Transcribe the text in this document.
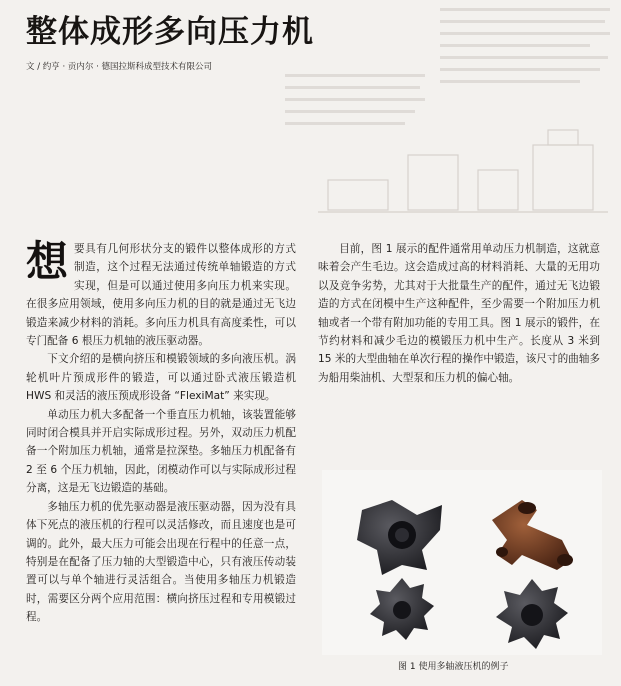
整体成形多向压力机
文 / 约亨 · 贡内尔 · 德国拉斯科成型技术有限公司

想要具有几何形状分支的锻件以整体成形的方式制造，这个过程无法通过传统单轴锻造的方式实现，但是可以通过使用多向压力机来实现。在很多应用领域，使用多向压力机的目的就是通过无飞边锻造来减少材料的消耗。多向压力机具有高度柔性，可以专门配备 6 根压力机轴的液压驱动器。

下文介绍的是横向挤压和模锻领域的多向液压机。涡轮机叶片预成形件的锻造，可以通过卧式液压锻造机 HWS 和灵活的液压预成形设备 “FlexiMat” 来实现。

单动压力机大多配备一个垂直压力机轴，该装置能够同时闭合模具并开启实际成形过程。另外，双动压力机配备一个附加压力机轴，通常是拉深垫。多轴压力机配备有 2 至 6 个压力机轴，因此，闭模动作可以与实际成形过程分离，这是无飞边锻造的基础。

多轴压力机的优先驱动器是液压驱动器，因为没有具体下死点的液压机的行程可以灵活修改，而且速度也是可调的。此外，最大压力可能会出现在行程中的任意一点，特别是在配备了压力轴的大型锻造中心，只有液压传动装置可以与单个轴进行灵活组合。当使用多轴压力机锻造时，需要区分两个应用范围：横向挤压过程和专用模锻过程。

目前，图 1 展示的配件通常用单动压力机制造，这就意味着会产生毛边。这会造成过高的材料消耗、大量的无用功以及竞争劣势，尤其对于大批量生产的配件，通过无飞边锻造的方式在闭模中生产这种配件，至少需要一个附加压力机轴或者一个带有附加功能的专用工具。图 1 展示的锻件，在节约材料和减少毛边的模锻压力机中生产。长度从 3 米到 15 米的大型曲轴在单次行程的操作中锻造，该尺寸的曲轴多为船用柴油机、大型泵和压力机的偏心轴。

图 1 使用多轴液压机的例子
